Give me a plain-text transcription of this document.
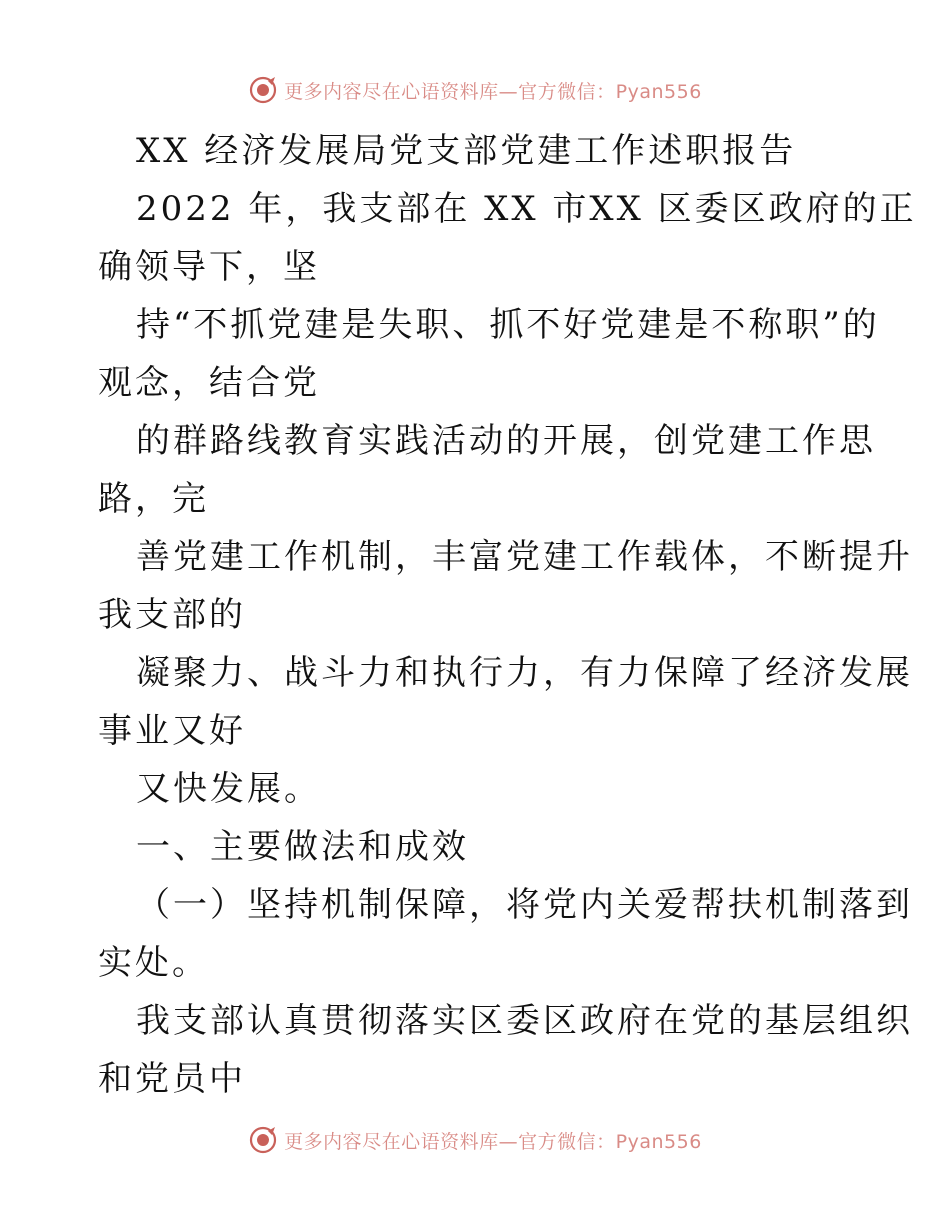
更多内容尽在心语资料库—官方微信：Pyan556
XX 经济发展局党支部党建工作述职报告
2022 年，我支部在 XX 市XX 区委区政府的正
确领导下，坚
持“不抓党建是失职、抓不好党建是不称职”的
观念，结合党
的群路线教育实践活动的开展，创党建工作思
路，完
善党建工作机制，丰富党建工作载体，不断提升
我支部的
凝聚力、战斗力和执行力，有力保障了经济发展
事业又好
又快发展。
一、主要做法和成效
（一）坚持机制保障，将党内关爱帮扶机制落到
实处。
我支部认真贯彻落实区委区政府在党的基层组织
和党员中
更多内容尽在心语资料库—官方微信：Pyan556
